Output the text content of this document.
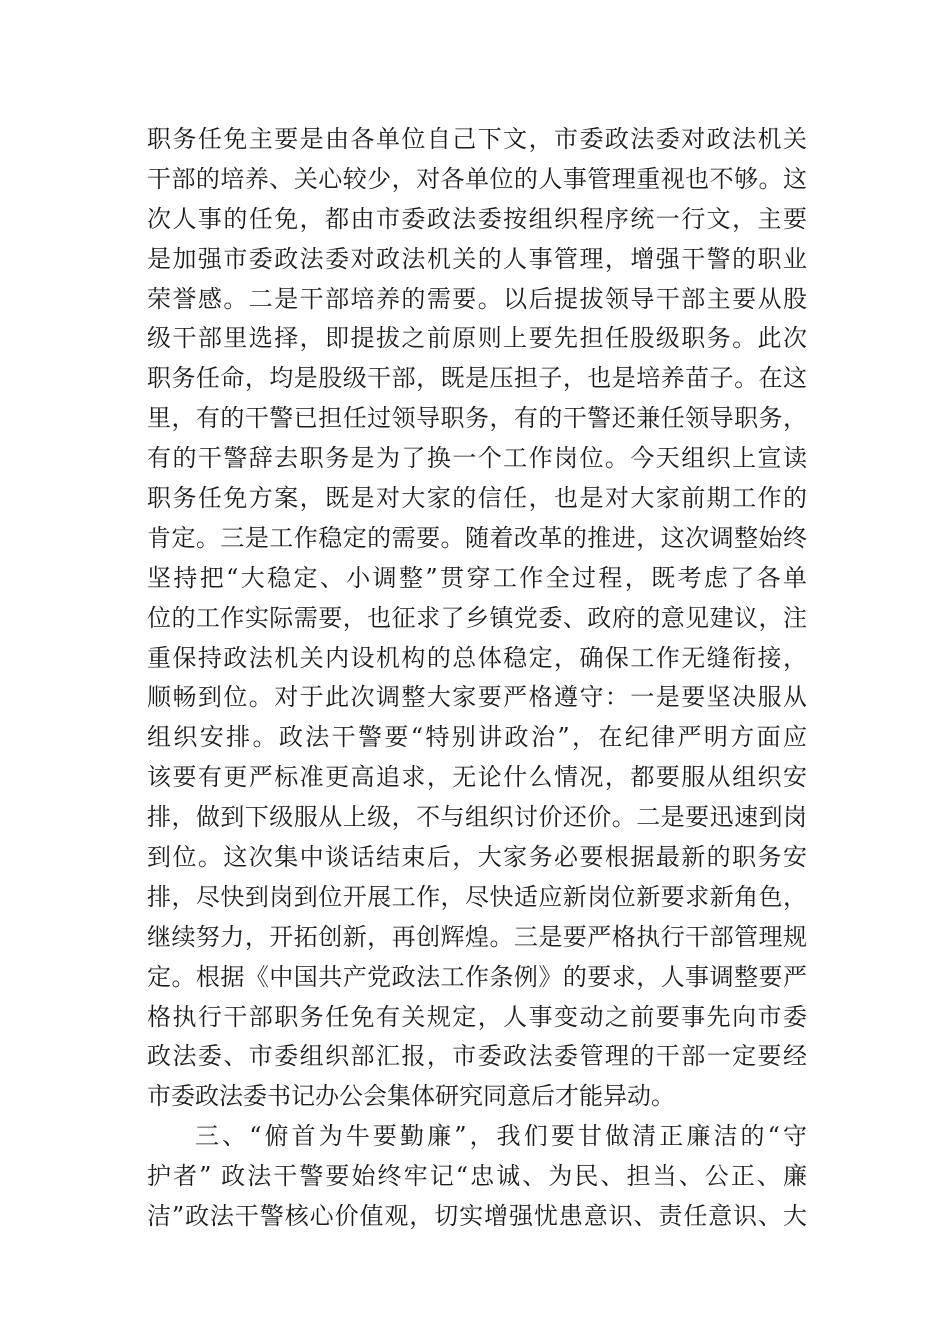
职务任免主要是由各单位自己下文，市委政法委对政法机关
干部的培养、关心较少，对各单位的人事管理重视也不够。这
次人事的任免，都由市委政法委按组织程序统一行文，主要
是加强市委政法委对政法机关的人事管理，增强干警的职业
荣誉感。二是干部培养的需要。以后提拔领导干部主要从股
级干部里选择，即提拔之前原则上要先担任股级职务。此次
职务任命，均是股级干部，既是压担子，也是培养苗子。在这
里，有的干警已担任过领导职务，有的干警还兼任领导职务，
有的干警辞去职务是为了换一个工作岗位。今天组织上宣读
职务任免方案，既是对大家的信任，也是对大家前期工作的
肯定。三是工作稳定的需要。随着改革的推进，这次调整始终
坚持把“大稳定、小调整”贯穿工作全过程，既考虑了各单
位的工作实际需要，也征求了乡镇党委、政府的意见建议，注
重保持政法机关内设机构的总体稳定，确保工作无缝衔接，
顺畅到位。对于此次调整大家要严格遵守：一是要坚决服从
组织安排。政法干警要“特别讲政治”，在纪律严明方面应
该要有更严标准更高追求，无论什么情况，都要服从组织安
排，做到下级服从上级，不与组织讨价还价。二是要迅速到岗
到位。这次集中谈话结束后，大家务必要根据最新的职务安
排，尽快到岗到位开展工作，尽快适应新岗位新要求新角色，
继续努力，开拓创新，再创辉煌。三是要严格执行干部管理规
定。根据《中国共产党政法工作条例》的要求，人事调整要严
格执行干部职务任免有关规定，人事变动之前要事先向市委
政法委、市委组织部汇报，市委政法委管理的干部一定要经
市委政法委书记办公会集体研究同意后才能异动。
三、“俯首为牛要勤廉”，我们要甘做清正廉洁的“守
护者” 政法干警要始终牢记“忠诚、为民、担当、公正、廉
洁”政法干警核心价值观，切实增强忧患意识、责任意识、大
